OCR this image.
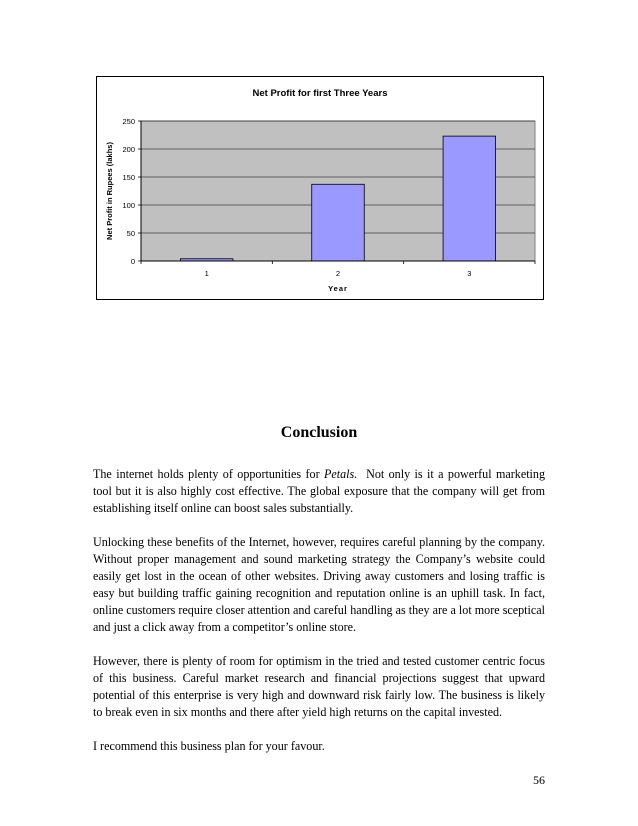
0
50
100
150
200
250
1	2	3
Net Profit for first Three Years
Net Profit in Rupees (lakhs)
Year
Conclusion

The internet holds plenty of opportunities for Petals.  Not only is it a powerful marketing tool but it is also highly cost effective. The global exposure that the company will get from establishing itself online can boost sales substantially.

Unlocking these benefits of the Internet, however, requires careful planning by the company. Without proper management and sound marketing strategy the Company’s website could easily get lost in the ocean of other websites. Driving away customers and losing traffic is easy but building traffic gaining recognition and reputation online is an uphill task. In fact, online customers require closer attention and careful handling as they are a lot more sceptical and just a click away from a competitor’s online store.

However, there is plenty of room for optimism in the tried and tested customer centric focus of this business. Careful market research and financial projections suggest that upward potential of this enterprise is very high and downward risk fairly low. The business is likely to break even in six months and there after yield high returns on the capital invested.

I recommend this business plan for your favour.

56
